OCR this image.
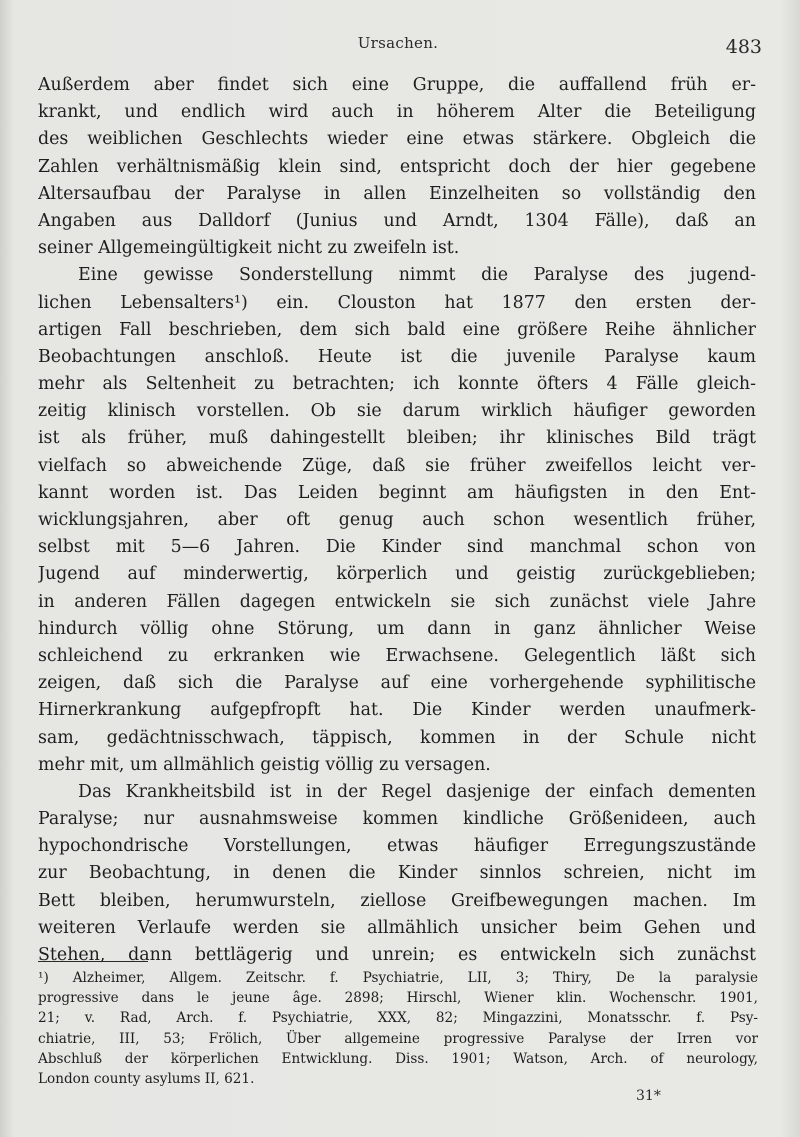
Ursachen.	483
Außerdem aber findet sich eine Gruppe, die auffallend früh er-
krankt, und endlich wird auch in höherem Alter die Beteiligung
des weiblichen Geschlechts wieder eine etwas stärkere. Obgleich die
Zahlen verhältnismäßig klein sind, entspricht doch der hier gegebene
Altersaufbau der Paralyse in allen Einzelheiten so vollständig den
Angaben aus Dalldorf (Junius und Arndt, 1304 Fälle), daß an
seiner Allgemeingültigkeit nicht zu zweifeln ist.
Eine gewisse Sonderstellung nimmt die Paralyse des jugend-
lichen Lebensalters¹) ein. Clouston hat 1877 den ersten der-
artigen Fall beschrieben, dem sich bald eine größere Reihe ähnlicher
Beobachtungen anschloß. Heute ist die juvenile Paralyse kaum
mehr als Seltenheit zu betrachten; ich konnte öfters 4 Fälle gleich-
zeitig klinisch vorstellen. Ob sie darum wirklich häufiger geworden
ist als früher, muß dahingestellt bleiben; ihr klinisches Bild trägt
vielfach so abweichende Züge, daß sie früher zweifellos leicht ver-
kannt worden ist. Das Leiden beginnt am häufigsten in den Ent-
wicklungsjahren, aber oft genug auch schon wesentlich früher,
selbst mit 5—6 Jahren. Die Kinder sind manchmal schon von
Jugend auf minderwertig, körperlich und geistig zurückgeblieben;
in anderen Fällen dagegen entwickeln sie sich zunächst viele Jahre
hindurch völlig ohne Störung, um dann in ganz ähnlicher Weise
schleichend zu erkranken wie Erwachsene. Gelegentlich läßt sich
zeigen, daß sich die Paralyse auf eine vorhergehende syphilitische
Hirnerkrankung aufgepfropft hat. Die Kinder werden unaufmerk-
sam, gedächtnisschwach, täppisch, kommen in der Schule nicht
mehr mit, um allmählich geistig völlig zu versagen.
Das Krankheitsbild ist in der Regel dasjenige der einfach dementen
Paralyse; nur ausnahmsweise kommen kindliche Größenideen, auch
hypochondrische Vorstellungen, etwas häufiger Erregungszustände
zur Beobachtung, in denen die Kinder sinnlos schreien, nicht im
Bett bleiben, herumwursteln, ziellose Greifbewegungen machen. Im
weiteren Verlaufe werden sie allmählich unsicher beim Gehen und
Stehen, dann bettlägerig und unrein; es entwickeln sich zunächst
¹) Alzheimer, Allgem. Zeitschr. f. Psychiatrie, LII, 3; Thiry, De la paralysie
progressive dans le jeune âge. 2898; Hirschl, Wiener klin. Wochenschr. 1901,
21; v. Rad, Arch. f. Psychiatrie, XXX, 82; Mingazzini, Monatsschr. f. Psy-
chiatrie, III, 53; Frölich, Über allgemeine progressive Paralyse der Irren vor
Abschluß der körperlichen Entwicklung. Diss. 1901; Watson, Arch. of neurology,
London county asylums II, 621.
31*
